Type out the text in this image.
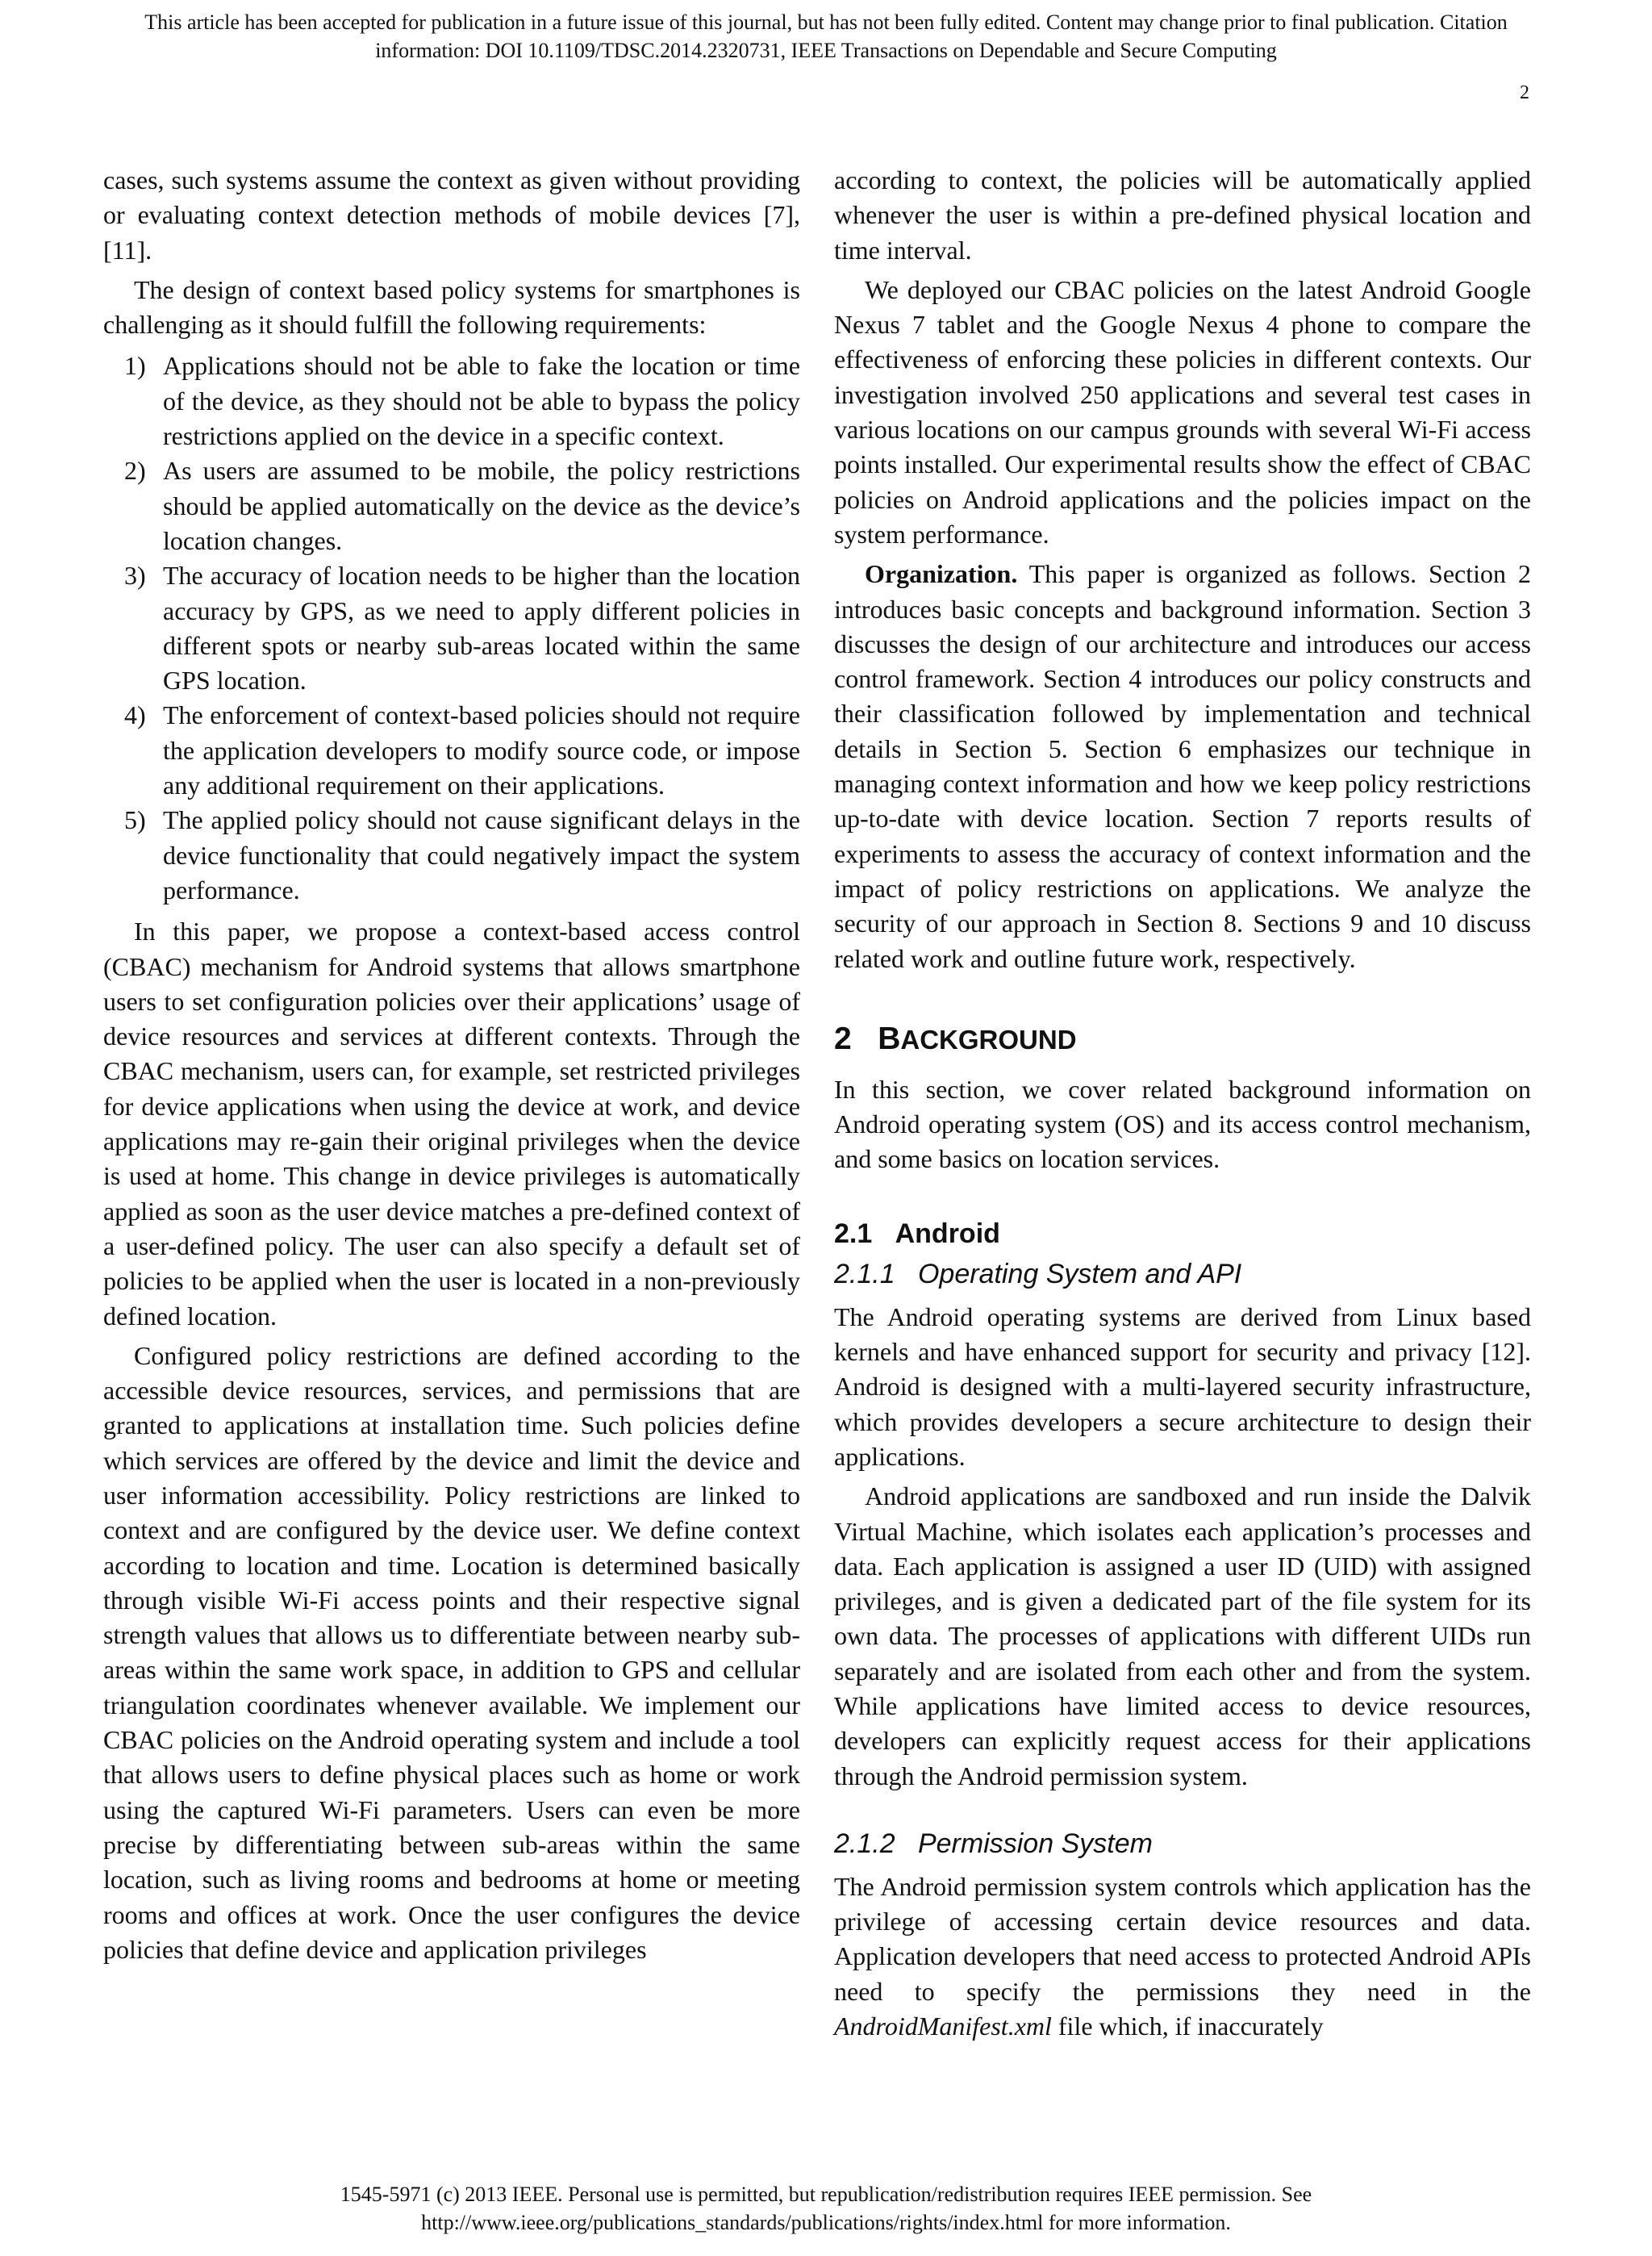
This article has been accepted for publication in a future issue of this journal, but has not been fully edited. Content may change prior to final publication. Citation
information: DOI 10.1109/TDSC.2014.2320731, IEEE Transactions on Dependable and Secure Computing
2

cases, such systems assume the context as given without providing or evaluating context detection methods of mobile devices [7], [11].

The design of context based policy systems for smartphones is challenging as it should fulfill the following requirements:

1) Applications should not be able to fake the location or time of the device, as they should not be able to bypass the policy restrictions applied on the device in a specific context.
2) As users are assumed to be mobile, the policy restrictions should be applied automatically on the device as the device’s location changes.
3) The accuracy of location needs to be higher than the location accuracy by GPS, as we need to apply different policies in different spots or nearby sub-areas located within the same GPS location.
4) The enforcement of context-based policies should not require the application developers to modify source code, or impose any additional requirement on their applications.
5) The applied policy should not cause significant delays in the device functionality that could negatively impact the system performance.

In this paper, we propose a context-based access control (CBAC) mechanism for Android systems that allows smartphone users to set configuration policies over their applications’ usage of device resources and services at different contexts. Through the CBAC mechanism, users can, for example, set restricted privileges for device applications when using the device at work, and device applications may re-gain their original privileges when the device is used at home. This change in device privileges is automatically applied as soon as the user device matches a pre-defined context of a user-defined policy. The user can also specify a default set of policies to be applied when the user is located in a non-previously defined location.

Configured policy restrictions are defined according to the accessible device resources, services, and permissions that are granted to applications at installation time. Such policies define which services are offered by the device and limit the device and user information accessibility. Policy restrictions are linked to context and are configured by the device user. We define context according to location and time. Location is determined basically through visible Wi-Fi access points and their respective signal strength values that allows us to differentiate between nearby sub-areas within the same work space, in addition to GPS and cellular triangulation coordinates whenever available. We implement our CBAC policies on the Android operating system and include a tool that allows users to define physical places such as home or work using the captured Wi-Fi parameters. Users can even be more precise by differentiating between sub-areas within the same location, such as living rooms and bedrooms at home or meeting rooms and offices at work. Once the user configures the device policies that define device and application privileges

according to context, the policies will be automatically applied whenever the user is within a pre-defined physical location and time interval.

We deployed our CBAC policies on the latest Android Google Nexus 7 tablet and the Google Nexus 4 phone to compare the effectiveness of enforcing these policies in different contexts. Our investigation involved 250 applications and several test cases in various locations on our campus grounds with several Wi-Fi access points installed. Our experimental results show the effect of CBAC policies on Android applications and the policies impact on the system performance.

Organization. This paper is organized as follows. Section 2 introduces basic concepts and background information. Section 3 discusses the design of our architecture and introduces our access control framework. Section 4 introduces our policy constructs and their classification followed by implementation and technical details in Section 5. Section 6 emphasizes our technique in managing context information and how we keep policy restrictions up-to-date with device location. Section 7 reports results of experiments to assess the accuracy of context information and the impact of policy restrictions on applications. We analyze the security of our approach in Section 8. Sections 9 and 10 discuss related work and outline future work, respectively.

2 BACKGROUND

In this section, we cover related background information on Android operating system (OS) and its access control mechanism, and some basics on location services.

2.1 Android
2.1.1 Operating System and API

The Android operating systems are derived from Linux based kernels and have enhanced support for security and privacy [12]. Android is designed with a multi-layered security infrastructure, which provides developers a secure architecture to design their applications.

Android applications are sandboxed and run inside the Dalvik Virtual Machine, which isolates each application’s processes and data. Each application is assigned a user ID (UID) with assigned privileges, and is given a dedicated part of the file system for its own data. The processes of applications with different UIDs run separately and are isolated from each other and from the system. While applications have limited access to device resources, developers can explicitly request access for their applications through the Android permission system.

2.1.2 Permission System

The Android permission system controls which application has the privilege of accessing certain device resources and data. Application developers that need access to protected Android APIs need to specify the permissions they need in the AndroidManifest.xml file which, if inaccurately

1545-5971 (c) 2013 IEEE. Personal use is permitted, but republication/redistribution requires IEEE permission. See
http://www.ieee.org/publications_standards/publications/rights/index.html for more information.
